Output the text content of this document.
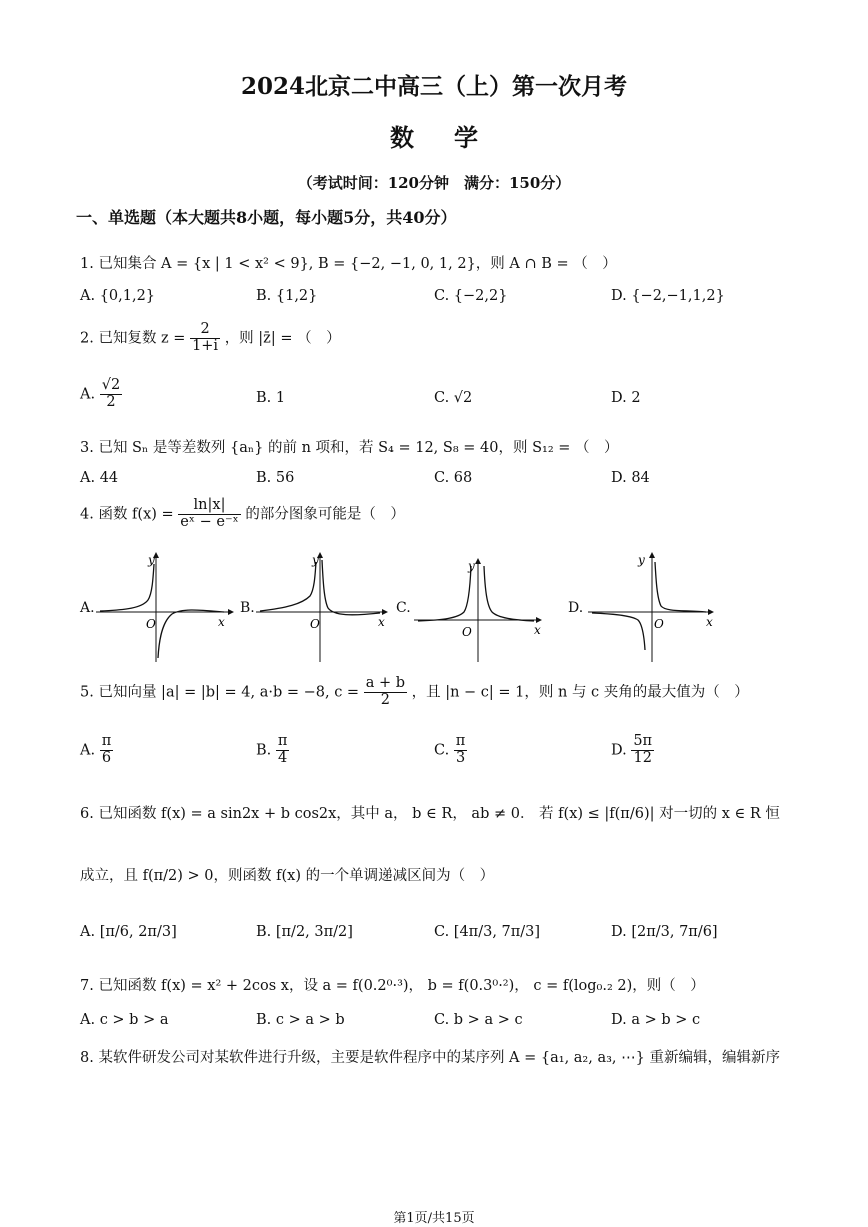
2024北京二中高三（上）第一次月考
数学
（考试时间：120分钟　满分：150分）
一、单选题（本大题共8小题，每小题5分，共40分）
1. 已知集合 A = {x | 1 < x² < 9}, B = {−2, −1, 0, 1, 2}，则 A ∩ B = （　）
A. {0,1,2}	B. {1,2}	C. {−2,2}	D. {−2,−1,1,2}
2. 已知复数 $z = \frac{2}{1+i}$ ，则 |z̄| = （　）
A. $\frac{√2}{2}$	B. 1	C. √2	D. 2
3. 已知 Sₙ 是等差数列 {aₙ} 的前 n 项和，若 S₄ = 12, S₈ = 40，则 S₁₂ = （　）
A. 44	B. 56	C. 68	D. 84
4. 函数 $f(x) = \frac{\ln|x|}{\text{eˣ − e⁻ˣ}}$ 的部分图象可能是（　）
A.
O
y
x
B.
O
y
x
C.
O
y
x
D.
O
y
x
5. 已知向量 |a| = |b| = 4, a·b = −8, $c = \frac{a + b}{2}$ ，且 |n − c| = 1，则 n 与 c 夹角的最大值为（　）
A. $\frac{\pi}{6}$	B. $\frac{\pi}{4}$	C. $\frac{\pi}{3}$	D. $\frac{5\pi}{12}$
6. 已知函数 f(x) = a sin2x + b cos2x，其中 a， b ∈ R， ab ≠ 0． 若 f(x) ≤ |f(π/6)| 对一切的 x ∈ R 恒
成立，且 f(π/2) > 0，则函数 f(x) 的一个单调递减区间为（　）
A. [π/6, 2π/3]	B. [π/2, 3π/2]	C. [4π/3, 7π/3]	D. [2π/3, 7π/6]
7. 已知函数 f(x) = x² + 2cos x，设 a = f(0.2⁰·³)， b = f(0.3⁰·²)， c = f(log₀.₂ 2)，则（　）
A. c > b > a	B. c > a > b	C. b > a > c	D. a > b > c
8. 某软件研发公司对某软件进行升级，主要是软件程序中的某序列 A = {a₁, a₂, a₃, ⋯} 重新编辑，编辑新序
第1页/共15页
